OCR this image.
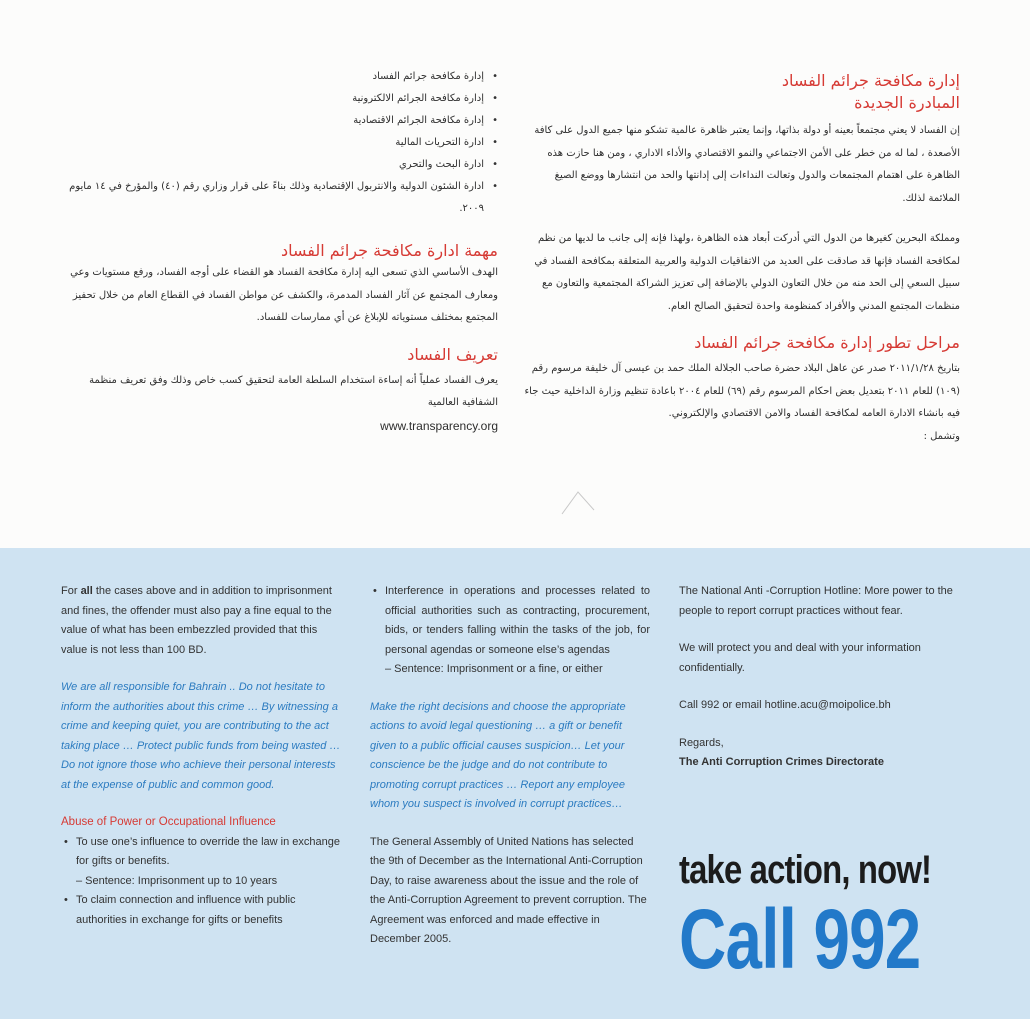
إدارة مكافحة جرائم الفساد
المبادرة الجديدة

إن الفساد لا يعني مجتمعاً بعينه أو دولة بذاتها، وإنما يعتبر ظاهرة عالمية تشكو منها جميع الدول على كافة الأصعدة ، لما له من خطر على الأمن الاجتماعي والنمو الاقتصادي والأداء الاداري ، ومن هنا حازت هذه الظاهرة على اهتمام المجتمعات والدول وتعالت النداءات إلى إدانتها والحد من انتشارها ووضع الصيغ الملائمة لذلك.

ومملكة البحرين كغيرها من الدول التي أدركت أبعاد هذه الظاهرة ،ولهذا فإنه إلى جانب ما لديها من نظم لمكافحة الفساد فإنها قد صادقت على العديد من الاتفاقيات الدولية والعربية المتعلقة بمكافحة الفساد في سبيل السعي إلى الحد منه من خلال التعاون الدولي بالإضافة إلى تعزيز الشراكة المجتمعية والتعاون مع منظمات المجتمع المدني والأفراد كمنظومة واحدة لتحقيق الصالح العام.

مراحل تطور إدارة مكافحة جرائم الفساد

بتاريخ ٢٠١١/١/٢٨ صدر عن عاهل البلاد حضرة صاحب الجلالة الملك حمد بن عيسى آل خليفة مرسوم رقم (١٠٩) للعام ٢٠١١ بتعديل بعض احكام المرسوم رقم (٦٩) للعام ٢٠٠٤ باعادة تنظيم وزارة الداخلية حيث جاء فيه بانشاء الادارة العامه لمكافحة الفساد والامن الاقتصادي والإلكتروني.

وتشمل :

• إدارة مكافحة جرائم الفساد
• إدارة مكافحة الجرائم الالكترونية
• إدارة مكافحة الجرائم الاقتصادية
• ادارة التحريات المالية
• ادارة البحث والتحري
• ادارة الشئون الدولية والانتربول الإقتصادية وذلك بناءً على قرار وزاري رقم (٤٠) والمؤرخ في ١٤ مايوم ٢٠٠٩.
مهمة ادارة مكافحة جرائم الفساد

الهدف الأساسي الذي تسعى اليه إدارة مكافحة الفساد هو القضاء على أوجه الفساد، ورفع مستويات وعي ومعارف المجتمع عن آثار الفساد المدمرة، والكشف عن مواطن الفساد في القطاع العام من خلال تحفيز المجتمع بمختلف مستوياته للإبلاغ عن أي ممارسات للفساد.

تعريف الفساد

يعرف الفساد عملياً أنه إساءة استخدام السلطة العامة لتحقيق كسب خاص وذلك وفق تعريف منظمة الشفافية العالمية

www.transparency.org

For all the cases above and in addition to imprisonment and fines, the offender must also pay a fine equal to the value of what has been embezzled provided that this value is not less than 100 BD.

We are all responsible for Bahrain .. Do not hesitate to inform the authorities about this crime … By witnessing a crime and keeping quiet, you are contributing to the act taking place … Protect public funds from being wasted … Do not ignore those who achieve their personal interests at the expense of public and common good.

Abuse of Power or Occupational Influence

• To use one’s influence to override the law in exchange for gifts or benefits.

– Sentence: Imprisonment up to 10 years

• To claim connection and influence with public authorities in exchange for gifts or benefits
• Interference in operations and processes related to official authorities such as contracting, procurement, bids, or tenders falling within the tasks of the job, for personal agendas or someone else’s agendas

– Sentence: Imprisonment or a fine, or either

Make the right decisions and choose the appropriate actions to avoid legal questioning … a gift or benefit given to a public official causes suspicion… Let your conscience be the judge and do not contribute to promoting corrupt practices … Report any employee whom you suspect is involved in corrupt practices…

The General Assembly of United Nations has selected the 9th of December as the International Anti-Corruption Day, to raise awareness about the issue and the role of the Anti-Corruption Agreement to prevent corruption. The Agreement was enforced and made effective in December 2005.

The National Anti -Corruption Hotline: More power to the people to report corrupt practices without fear.

We will protect you and deal with your information confidentially.

Call 992 or email hotline.acu@moipolice.bh

Regards,

The Anti Corruption Crimes Directorate

take action, now!
Call 992
